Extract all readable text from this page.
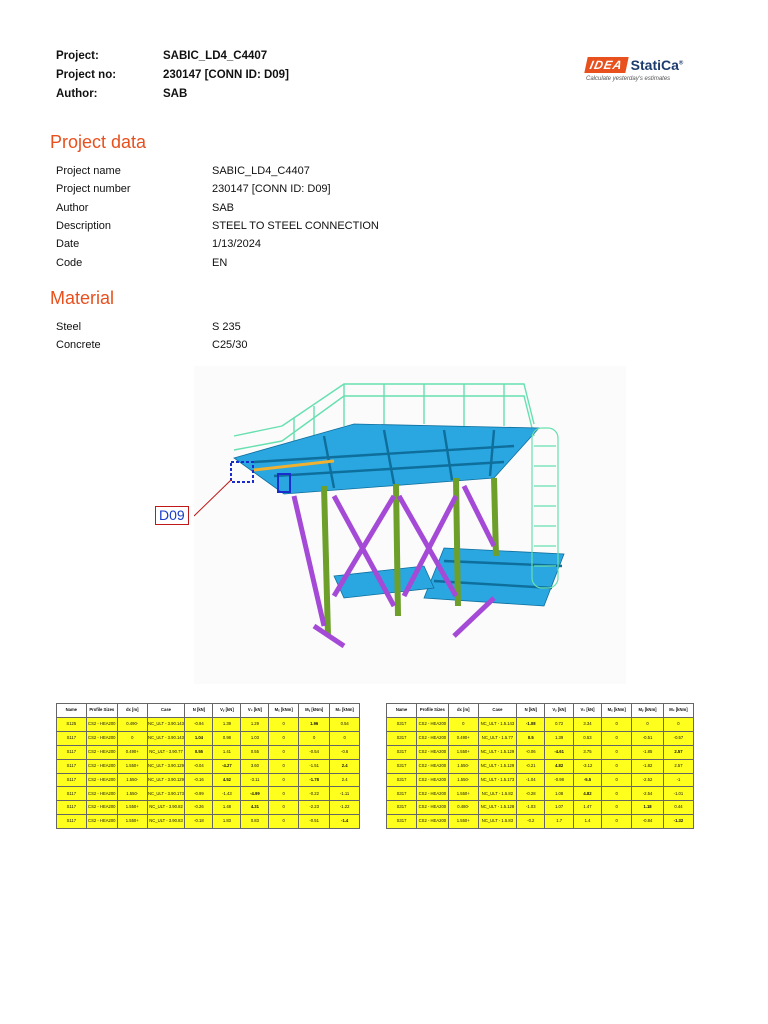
Project:	SABIC_LD4_C4407
Project no:	230147 [CONN ID: D09]
Author:	SAB
IDEA StatiCa®
Calculate yesterday's estimates
Project data
Project name	SABIC_LD4_C4407
Project number	230147 [CONN ID: D09]
Author	SAB
Description	STEEL TO STEEL CONNECTION
Date	1/13/2024
Code	EN
Material
Steel	S 235
Concrete	C25/30
D09
Name	Profile Sizes	dx [m]	Case	N [kN]	Vᵧ [kN]	V₂ [kN]	Mₓ [kNm]	Mᵧ [kNm]	M₂ [kNm]
S125	CS2 - HEA200	0.490-	NC_ULT - 3.90.143	-0.94	1.39	1.29	0	1.96	0.54
S117	CS2 - HEA200	0	NC_ULT - 3.90.143	1.04	0.98	1.03	0	0	0
S117	CS2 - HEA200	0.490+	NC_ULT - 3.90.77	0.55	1.41	0.55	0	-0.54	-0.6
S117	CS2 - HEA200	1.550+	NC_ULT - 3.90.129	-0.04	-4.27	3.60	0	-1.51	2.4
S117	CS2 - HEA200	1.550-	NC_ULT - 3.90.129	-0.16	4.52	-3.11	0	-1.78	2.4
S117	CS2 - HEA200	1.550-	NC_ULT - 3.90.173	-0.99	-1.43	-4.99	0	-0.22	-1.11
S117	CS2 - HEA200	1.550+	NC_ULT - 3.90.82	-0.26	1.48	4.31	0	-2.23	-1.22
S117	CS2 - HEA200	1.550+	NC_ULT - 3.90.83	-0.18	1.83	0.83	0	-0.51	-1.4
Name	Profile Sizes	dx [m]	Case	N [kN]	Vᵧ [kN]	V₂ [kN]	Mₓ [kNm]	Mᵧ [kNm]	M₂ [kNm]
S317	CS2 - HEA200	0	NC_ULT - 1.5.143	-1.08	0.72	3.34	0	0	0
S317	CS2 - HEA200	0.490+	NC_ULT - 1.5.77	0.5	1.39	0.53	0	-0.51	-0.57
S317	CS2 - HEA200	1.550+	NC_ULT - 1.5.129	-0.06	-4.61	3.75	0	-1.85	2.57
S317	CS2 - HEA200	1.550-	NC_ULT - 1.5.129	-0.21	4.82	-3.12	0	-1.82	2.57
S317	CS2 - HEA200	1.550-	NC_ULT - 1.5.173	-1.04	-0.98	-5.5	0	-2.52	-1
S317	CS2 - HEA200	1.550+	NC_ULT - 1.5.82	-0.28	1.08	4.82	0	-2.54	-1.01
S317	CS2 - HEA200	0.480-	NC_ULT - 1.5.128	-1.03	1.07	1.47	0	1.18	0.44
S317	CS2 - HEA200	1.550+	NC_ULT - 1.5.83	-0.2	1.7	1.4	0	-0.84	-1.32
